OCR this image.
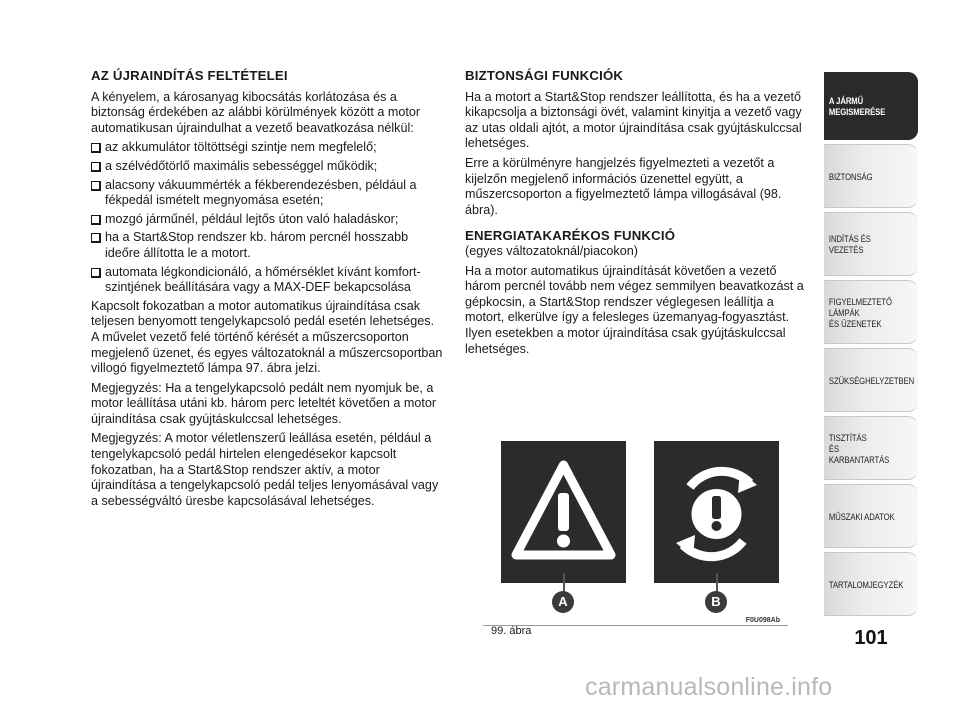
AZ ÚJRAINDÍTÁS FELTÉTELEI

A kényelem, a károsanyag kibocsátás korlátozása és a biztonság érdekében az alábbi körülmények között a motor automatikusan újraindulhat a vezető beavatkozása nélkül:

az akkumulátor töltöttségi szintje nem megfelelő;
a szélvédőtörlő maximális sebességgel működik;
alacsony vákuummérték a fékberendezésben, például a fékpedál ismételt megnyomása esetén;
mozgó járműnél, például lejtős úton való haladáskor;
ha a Start&Stop rendszer kb. három percnél hosszabb ideőre állította le a motort.
automata légkondicionáló, a hőmérséklet kívánt komfort-szintjének beállítására vagy a MAX-DEF bekapcsolása

Kapcsolt fokozatban a motor automatikus újraindítása csak teljesen benyomott tengelykapcsoló pedál esetén lehetséges. A művelet vezető felé történő kérését a műszercsoporton megjelenő üzenet, és egyes változatoknál a műszercsoportban villogó figyelmeztető lámpa 97. ábra jelzi.

Megjegyzés: Ha a tengelykapcsoló pedált nem nyomjuk be, a motor leállítása utáni kb. három perc leteltét követően a motor újraindítása csak gyújtáskulccsal lehetséges.

Megjegyzés: A motor véletlenszerű leállása esetén, például a tengelykapcsoló pedál hirtelen elengedésekor kapcsolt fokozatban, ha a Start&Stop rendszer aktív, a motor újraindítása a tengelykapcsoló pedál teljes lenyomásával vagy a sebességváltó üresbe kapcsolásával lehetséges.

BIZTONSÁGI FUNKCIÓK

Ha a motort a Start&Stop rendszer leállította, és ha a vezető kikapcsolja a biztonsági övét, valamint kinyitja a vezető vagy az utas oldali ajtót, a motor újraindítása csak gyújtáskulccsal lehetséges.

Erre a körülményre hangjelzés figyelmezteti a vezetőt a kijelzőn megjelenő információs üzenettel együtt, a műszercsoporton a figyelmeztető lámpa villogásával (98. ábra).

ENERGIATAKARÉKOS FUNKCIÓ

(egyes változatoknál/piacokon)

Ha a motor automatikus újraindítását követően a vezető három percnél tovább nem végez semmilyen beavatkozást a gépkocsin, a Start&Stop rendszer véglegesen leállítja a motort, elkerülve így a felesleges üzemanyag-fogyasztást. Ilyen esetekben a motor újraindítása csak gyújtáskulccsal lehetséges.

A	B
F0U098Ab
99. ábra
A JÁRMŰ
MEGISMERÉSE
BIZTONSÁG
INDÍTÁS ÉS VEZETÉS
FIGYELMEZTETŐ
LÁMPÁK
ÉS ÜZENETEK
SZÜKSÉGHELYZETBEN
TISZTÍTÁS
ÉS KARBANTARTÁS
MŰSZAKI ADATOK
TARTALOMJEGYZÉK
101
carmanualsonline.info
